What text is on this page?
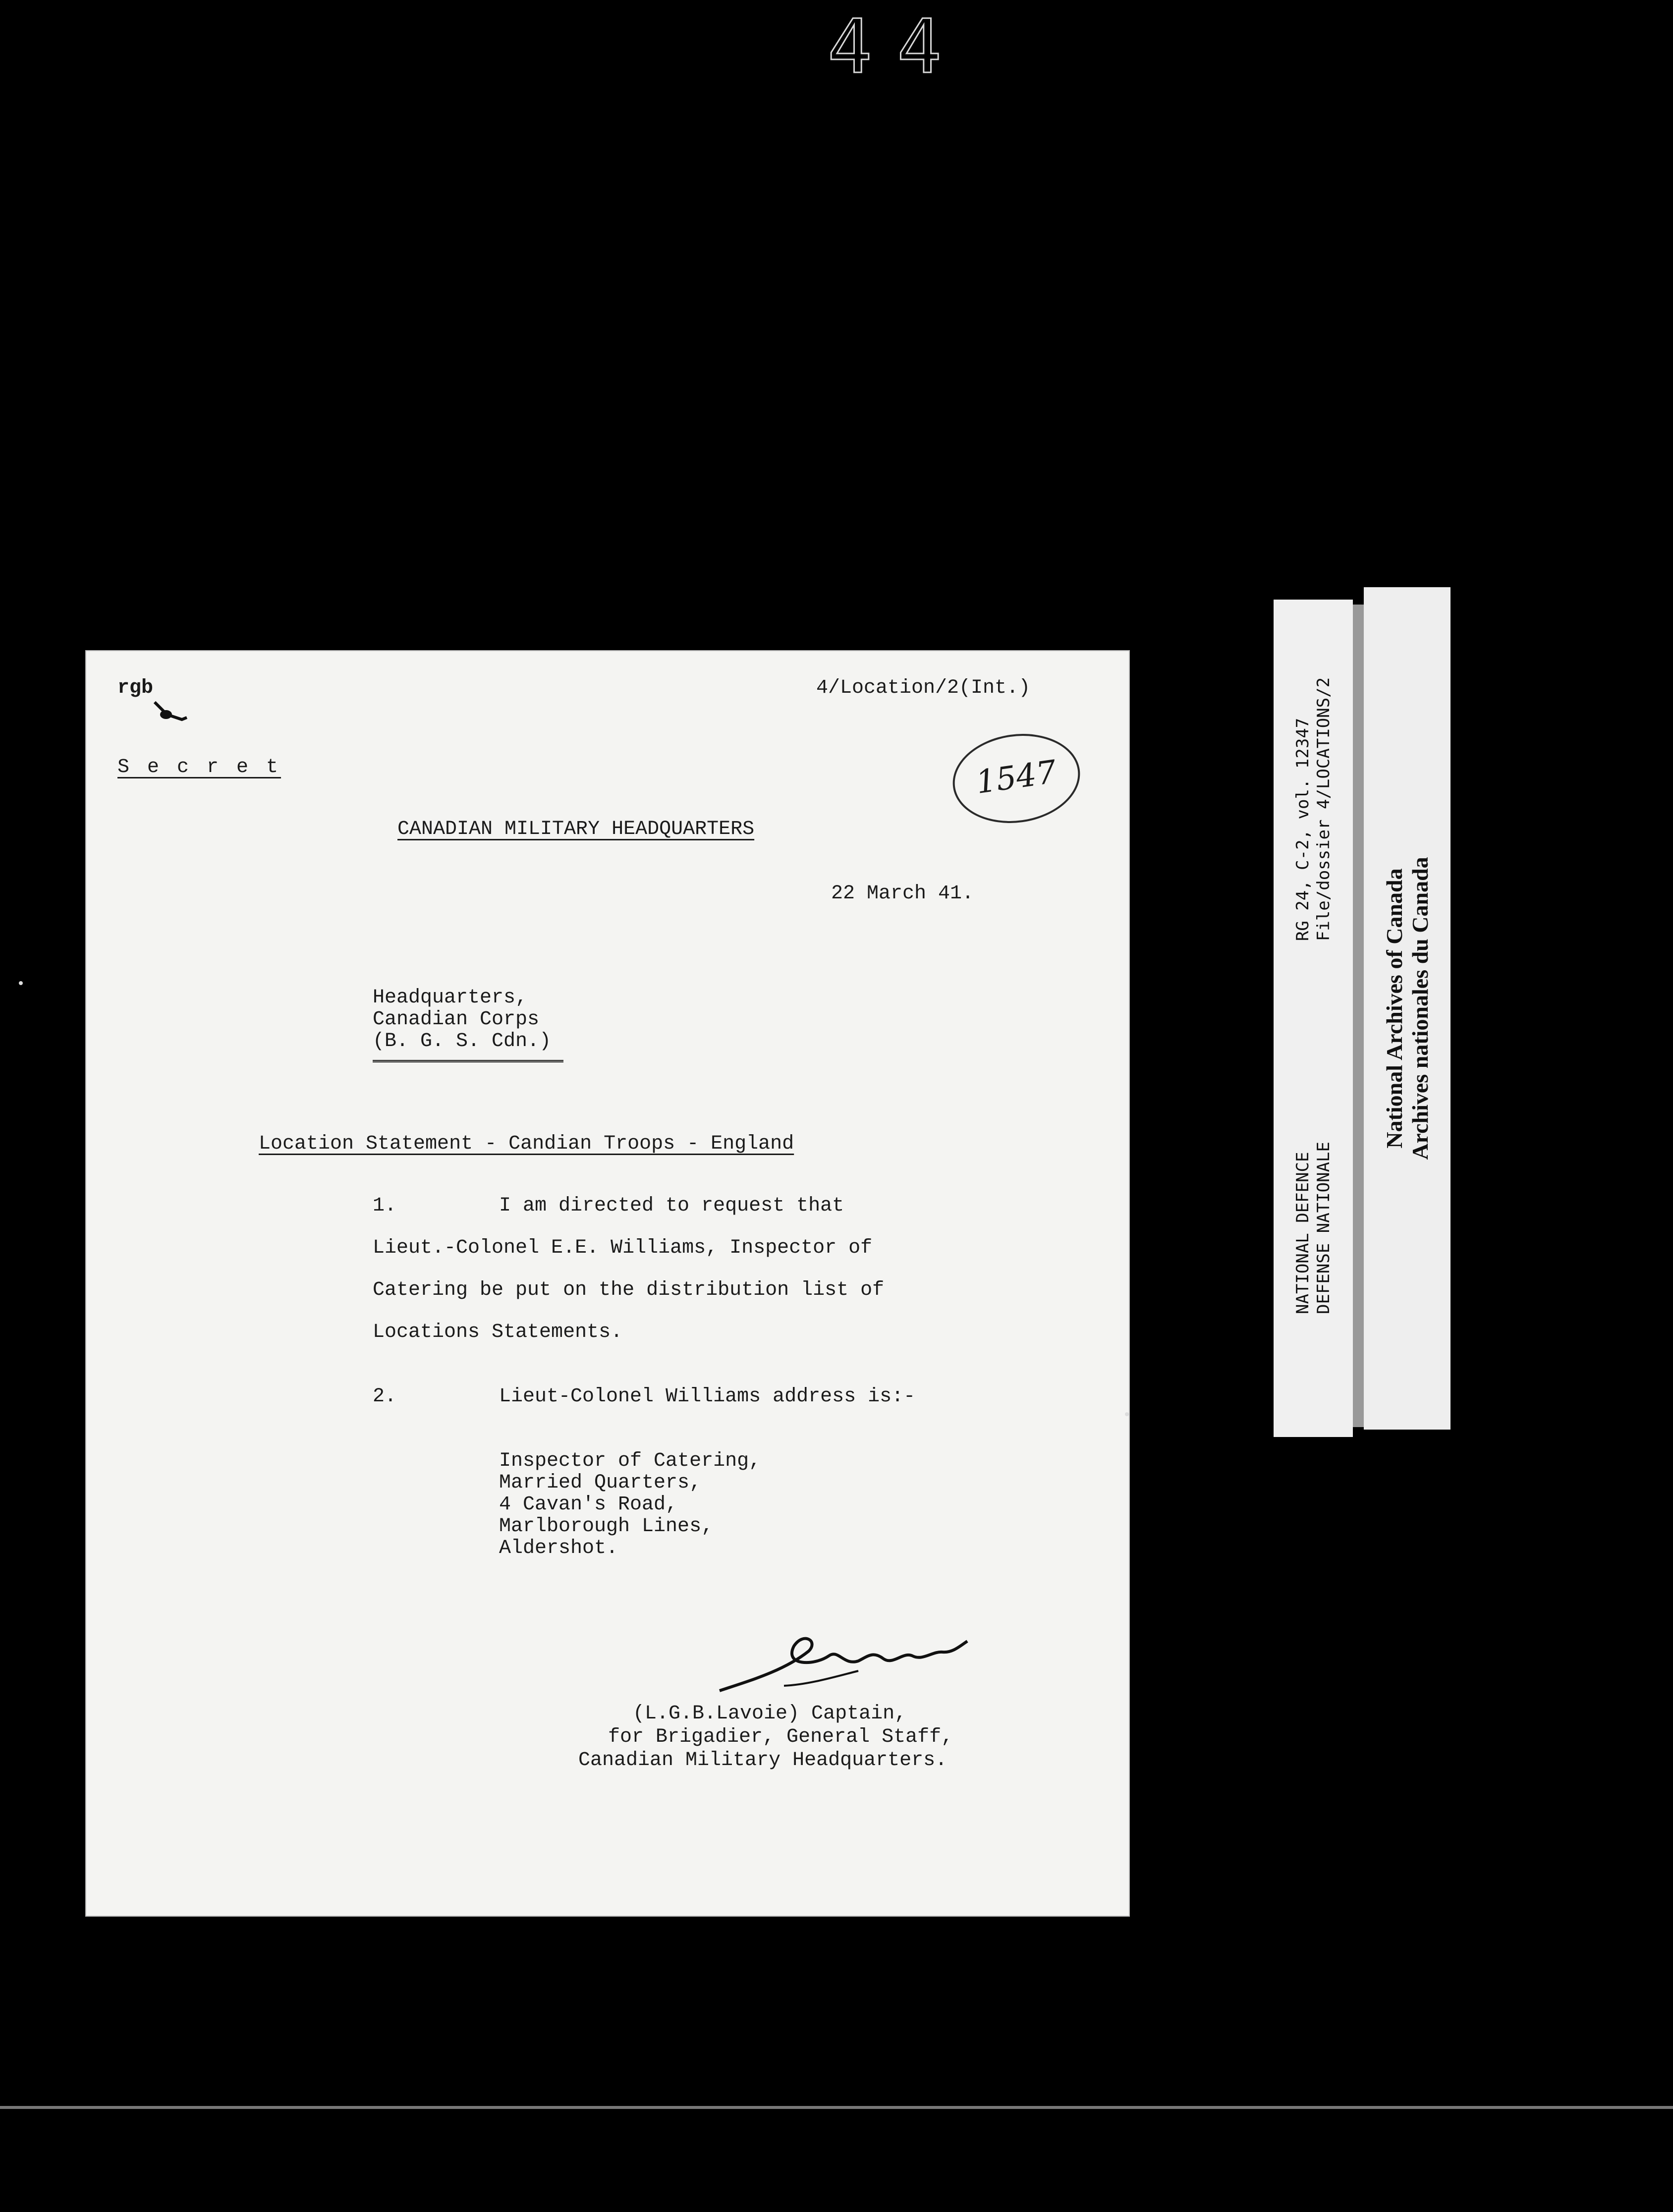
44

rgb	4/Location/2(Int.)

S e c r e t	1547

CANADIAN MILITARY HEADQUARTERS

22 March 41.

Headquarters,

Canadian Corps

(B. G. S. Cdn.)

Location Statement - Candian Troops - England

1.	I am directed to request that

Lieut.-Colonel E.E. Williams, Inspector of

Catering be put on the distribution list of

Locations Statements.

2.	Lieut-Colonel Williams address is:-

Inspector of Catering,

Married Quarters,

4 Cavan's Road,

Marlborough Lines,

Aldershot.

(L.G.B.Lavoie) Captain,

for Brigadier, General Staff,

Canadian Military Headquarters.

NATIONAL DEFENCE DEFENSE NATIONALE
RG 24, C-2, vol. 12347 File/dossier 4/LOCATIONS/2
National Archives of Canada Archives nationales du Canada
